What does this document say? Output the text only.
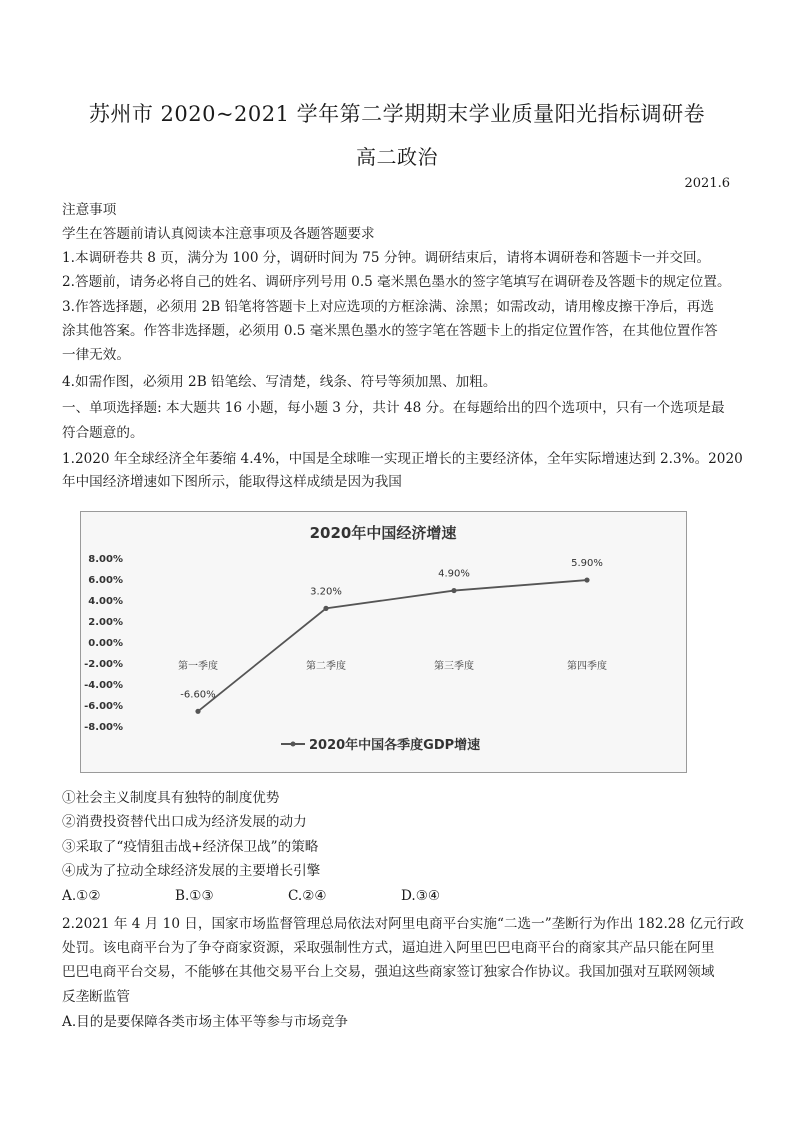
苏州市 2020~2021 学年第二学期期末学业质量阳光指标调研卷
高二政治
2021.6
注意事项
学生在答题前请认真阅读本注意事项及各题答题要求
1.本调研卷共 8 页，满分为 100 分，调研时间为 75 分钟。调研结束后，请将本调研卷和答题卡一并交回。
2.答题前，请务必将自己的姓名、调研序列号用 0.5 毫米黑色墨水的签字笔填写在调研卷及答题卡的规定位置。
3.作答选择题，必须用 2B 铅笔将答题卡上对应选项的方框涂满、涂黑；如需改动，请用橡皮擦干净后，再选
涂其他答案。作答非选择题，必须用 0.5 毫米黑色墨水的签字笔在答题卡上的指定位置作答，在其他位置作答
一律无效。
4.如需作图，必须用 2B 铅笔绘、写清楚，线条、符号等须加黑、加粗。
一、单项选择题: 本大题共 16 小题，每小题 3 分，共计 48 分。在每题给出的四个选项中，只有一个选项是最
符合题意的。
1.2020 年全球经济全年萎缩 4.4%，中国是全球唯一实现正增长的主要经济体，全年实际增速达到 2.3%。2020
年中国经济增速如下图所示，能取得这样成绩是因为我国
2020年中国经济增速
8.00%
6.00%
4.00%
2.00%
0.00%
-2.00%
-4.00%
-6.00%
-8.00%
第一季度	第二季度	第三季度	第四季度
-6.60%
3.20%
4.90%
5.90%
2020年中国各季度GDP增速
①社会主义制度具有独特的制度优势
②消费投资替代出口成为经济发展的动力
③采取了“疫情狙击战+经济保卫战”的策略
④成为了拉动全球经济发展的主要增长引擎
A.①②	B.①③	C.②④	D.③④
2.2021 年 4 月 10 日，国家市场监督管理总局依法对阿里电商平台实施“二选一”垄断行为作出 182.28 亿元行政
处罚。该电商平台为了争夺商家资源，采取强制性方式，逼迫进入阿里巴巴电商平台的商家其产品只能在阿里
巴巴电商平台交易，不能够在其他交易平台上交易，强迫这些商家签订独家合作协议。我国加强对互联网领域
反垄断监管
A.目的是要保障各类市场主体平等参与市场竞争
